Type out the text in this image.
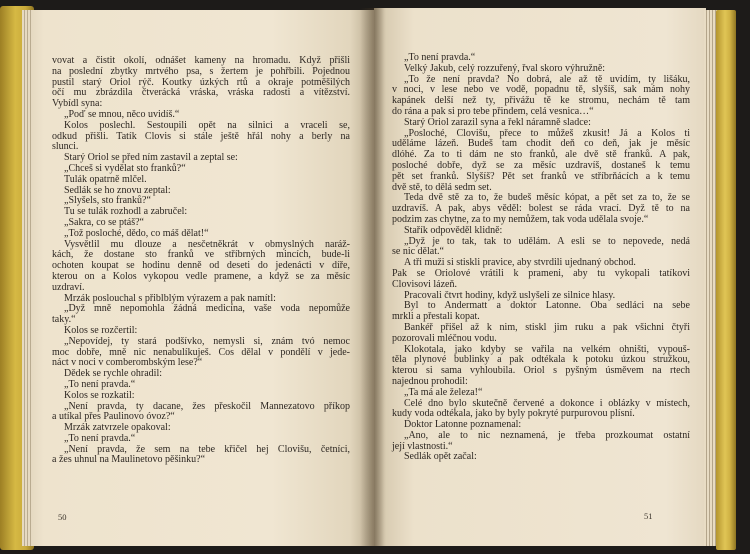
vovat a čistit okolí, odnášet kameny na hromadu. Když přišli
na poslední zbytky mrtvého psa, s žertem je pohřbili. Pojednou
pustil starý Oriol rýč. Koutky úzkých rtů a okraje potměšilých
očí mu zbrázdila čtverácká vráska, vráska radosti a vítězství.
Vybídl syna:
„Poď se mnou, něco uvidíš.“
Kolos poslechl. Sestoupili opět na silnici a vraceli se,
odkud přišli. Tatík Clovis si stále ještě hřál nohy a berly na
slunci.
Starý Oriol se před ním zastavil a zeptal se:
„Chceš si vydělat sto franků?“
Tulák opatrně mlčel.
Sedlák se ho znovu zeptal:
„Slyšels, sto franků?“
Tu se tulák rozhodl a zabručel:
„Sakra, co se ptáš?“
„Tož posloché, dědo, co máš dělat!“
Vysvětlil mu dlouze a nesčetněkrát v obmyslných naráž-
kách, že dostane sto franků ve stříbrných mincích, bude-li
ochoten koupat se hodinu denně od deseti do jedenácti v díře,
kterou on a Kolos vykopou vedle pramene, a když se za měsíc
uzdraví.
Mrzák poslouchal s přiblblým výrazem a pak namítl:
„Dyž mně nepomohla žádná medicína, vaše voda nepomůže
taky.“
Kolos se rozčertil:
„Nepovídej, ty stará podšívko, nemysli si, znám tvó nemoc
moc dobře, mně nic nenabulíkuješ. Cos dělal v pondělí v jede-
náct v noci v comberombským lese?“
Dědek se rychle ohradil:
„To není pravda.“
Kolos se rozkatil:
„Není pravda, ty dacane, žes přeskočil Mannezatovo příkop
a utíkal přes Paulinovo óvoz?“
Mrzák zatvrzele opakoval:
„To není pravda.“
„Není pravda, že sem na tebe křičel hej Clovišu, četníci,
a žes uhnul na Maulinetovo pěšinku?“
„To není pravda.“
Velký Jakub, celý rozzuřený, řval skoro výhružně:
„To že není pravda? No dobrá, ale až tě uvidím, ty lišáku,
v noci, v lese nebo ve vodě, popadnu tě, slyšíš, sak mám nohy
kapánek delší než ty, přivážu tě ke stromu, nechám tě tam
do rána a pak si pro tebe přindem, celá vesnica…“
Starý Oriol zarazil syna a řekl náramně sladce:
„Posloché, Clovišu, přece to můžeš zkusit! Já a Kolos ti
uděláme lázeň. Budeš tam chodit deň co deň, jak je měsíc
dlóhé. Za to ti dám ne sto franků, ale dvě stě franků. A pak,
posloché dobře, dyž se za měsíc uzdravíš, dostaneš k temu
pět set franků. Slyšíš? Pět set franků ve stříbrňácích a k temu
dvě stě, to dělá sedm set.
Teda dvě stě za to, že budeš měsíc kópat, a pět set za to, že se
uzdravíš. A pak, abys věděl: bolest se ráda vrací. Dyž tě to na
podzim zas chytne, za to my nemůžem, tak voda udělala svoje.“
Stařík odpověděl klidně:
„Dyž je to tak, tak to udělám. A esli se to nepovede, nedá
se nic dělat.“
A tři muži si stiskli pravice, aby stvrdili ujednaný obchod.
Pak se Oriolové vrátili k prameni, aby tu vykopali tatíkovi
Clovisovi lázeň.
Pracovali čtvrt hodiny, když uslyšeli ze silnice hlasy.
Byl to Andermatt a doktor Latonne. Oba sedláci na sebe
mrkli a přestali kopat.
Bankéř přišel až k nim, stiskl jim ruku a pak všichni čtyři
pozorovali mléčnou vodu.
Klokotala, jako kdyby se vařila na velkém ohništi, vypouš-
těla plynové bublinky a pak odtékala k potoku úzkou stružkou,
kterou si sama vyhloubila. Oriol s pyšným úsměvem na rtech
najednou prohodil:
„Ta má ale železa!“
Celé dno bylo skutečně červené a dokonce i oblázky v místech,
kudy voda odtékala, jako by byly pokryté purpurovou plísní.
Doktor Latonne poznamenal:
„Ano, ale to nic neznamená, je třeba prozkoumat ostatní
její vlastnosti.“
Sedlák opět začal:
50	51
